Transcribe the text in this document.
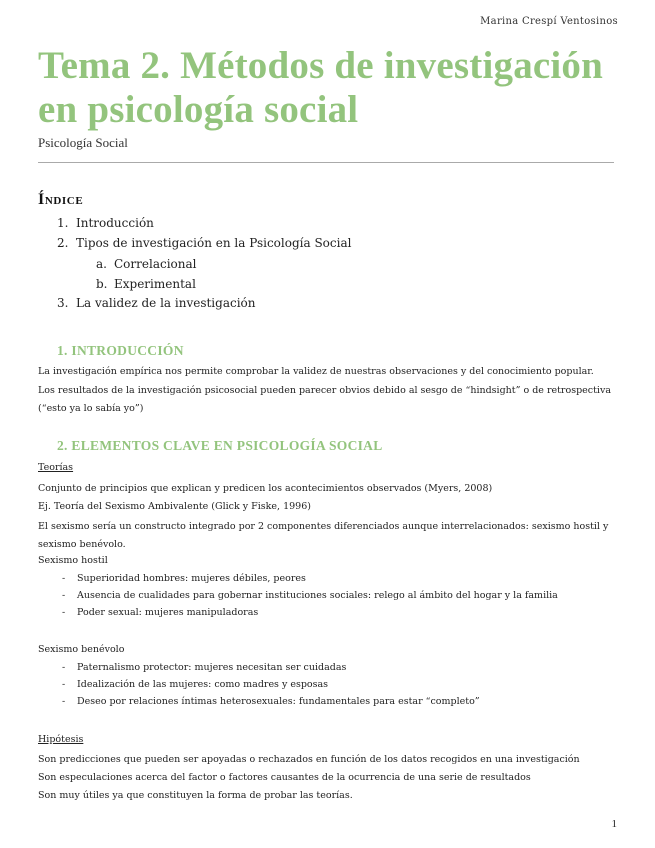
Marina Crespí Ventosinos
Tema 2. Métodos de investigación en psicología social
Psicología Social
Índice
1. Introducción
2. Tipos de investigación en la Psicología Social
a. Correlacional
b. Experimental
3. La validez de la investigación
1. INTRODUCCIÓN
La investigación empírica nos permite comprobar la validez de nuestras observaciones y del conocimiento popular.
Los resultados de la investigación psicosocial pueden parecer obvios debido al sesgo de “hindsight” o de retrospectiva (“esto ya lo sabía yo”)
2. ELEMENTOS CLAVE EN PSICOLOGÍA SOCIAL
Teorías
Conjunto de principios que explican y predicen los acontecimientos observados (Myers, 2008)
Ej. Teoría del Sexismo Ambivalente (Glick y Fiske, 1996)
El sexismo sería un constructo integrado por 2 componentes diferenciados aunque interrelacionados: sexismo hostil y sexismo benévolo.
Sexismo hostil
- Superioridad hombres: mujeres débiles, peores
- Ausencia de cualidades para gobernar instituciones sociales: relego al ámbito del hogar y la familia
- Poder sexual: mujeres manipuladoras
Sexismo benévolo
- Paternalismo protector: mujeres necesitan ser cuidadas
- Idealización de las mujeres: como madres y esposas
- Deseo por relaciones íntimas heterosexuales: fundamentales para estar “completo”
Hipótesis
Son predicciones que pueden ser apoyadas o rechazados en función de los datos recogidos en una investigación
Son especulaciones acerca del factor o factores causantes de la ocurrencia de una serie de resultados
Son muy útiles ya que constituyen la forma de probar las teorías.
1
